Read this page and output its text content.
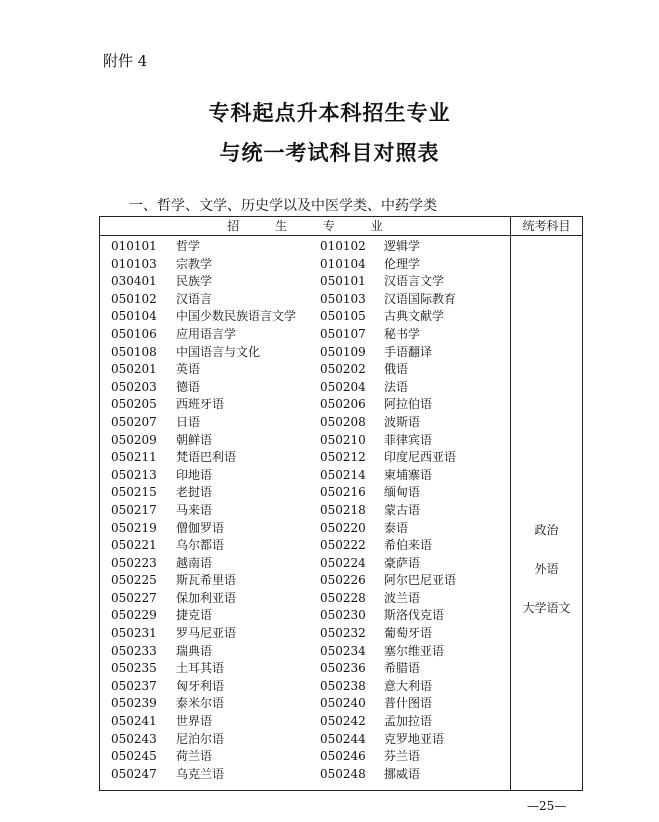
附件 4
专科起点升本科招生专业
与统一考试科目对照表
一、哲学、文学、历史学以及中医学类、中药学类
招	生	专	业	统考科目
010101 哲学	010102 逻辑学
010103 宗教学	010104 伦理学
030401 民族学	050101 汉语言文学
050102 汉语言	050103 汉语国际教育
050104 中国少数民族语言文学 050105 古典文献学
050106 应用语言学	050107 秘书学
050108 中国语言与文化	050109 手语翻译
050201 英语	050202 俄语
050203 德语	050204 法语
050205 西班牙语	050206 阿拉伯语
050207 日语	050208 波斯语
050209 朝鲜语	050210 菲律宾语
050211 梵语巴利语	050212 印度尼西亚语
050213 印地语	050214 柬埔寨语
050215 老挝语	050216 缅甸语
050217 马来语	050218 蒙古语
050219 僧伽罗语	050220 泰语
050221 乌尔都语	050222 希伯来语
050223 越南语	050224 豪萨语
050225 斯瓦希里语	050226 阿尔巴尼亚语
050227 保加利亚语	050228 波兰语
050229 捷克语	050230 斯洛伐克语
050231 罗马尼亚语	050232 葡萄牙语
050233 瑞典语	050234 塞尔维亚语
050235 土耳其语	050236 希腊语
050237 匈牙利语	050238 意大利语
050239 泰米尔语	050240 普什图语
050241 世界语	050242 孟加拉语
050243 尼泊尔语	050244 克罗地亚语
050245 荷兰语	050246 芬兰语
050247 乌克兰语	050248 挪威语
政治
外语
大学语文
—25—
